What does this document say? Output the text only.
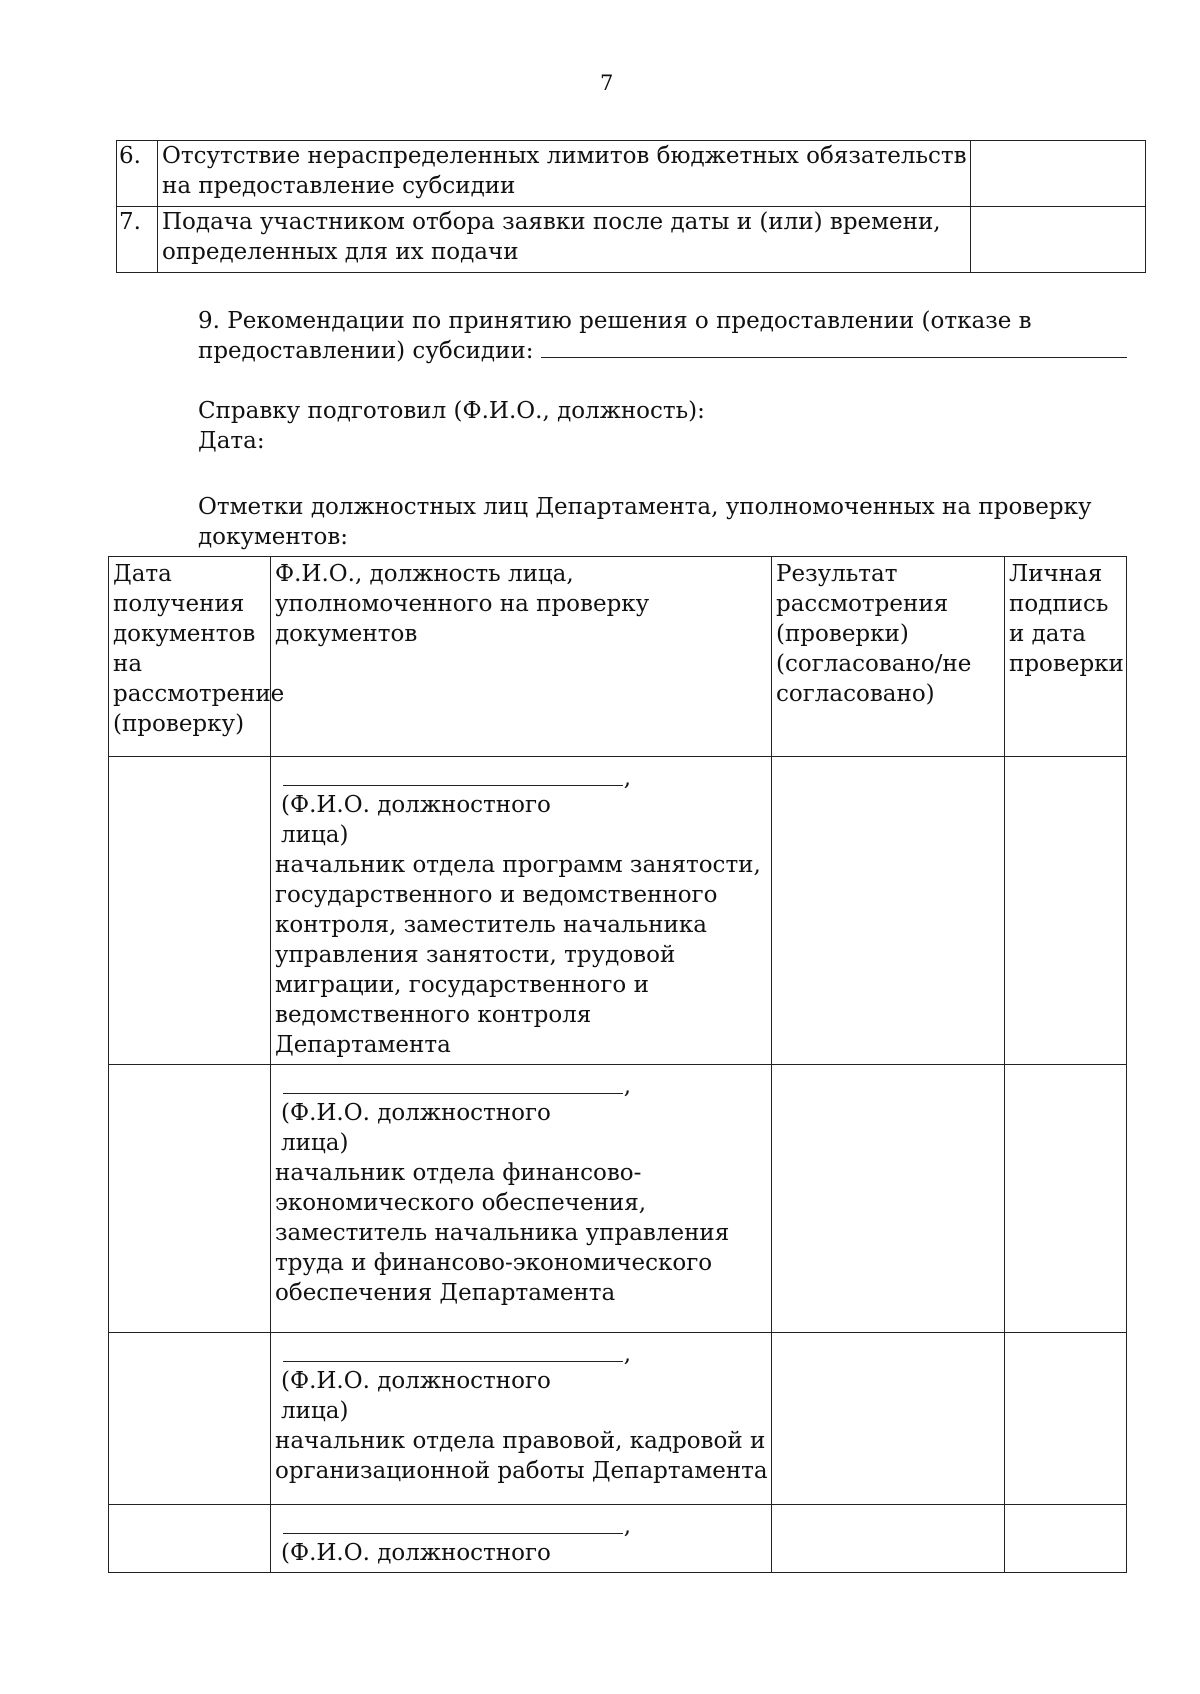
7
6.	Отсутствие нераспределенных лимитов бюджетных обязательств на предоставление субсидии	
7.	Подача участником отбора заявки после даты и (или) времени, определенных для их подачи	
9. Рекомендации по принятию решения о предоставлении (отказе в предоставлении) субсидии:
Справку подготовил (Ф.И.О., должность):
Дата:
Отметки должностных лиц Департамента, уполномоченных на проверку документов:
Дата получения документов на рассмотрение (проверку)	Ф.И.О., должность лица, уполномоченного на проверку документов	Результат рассмотрения (проверки) (согласовано/не согласовано)	Личная подпись и дата проверки

	,
(Ф.И.О. должностного лица)
начальник отдела программ занятости, государственного и ведомственного контроля, заместитель начальника управления занятости, трудовой миграции, государственного и ведомственного контроля Департамента		

	,
(Ф.И.О. должностного лица)
начальник отдела финансово-экономического обеспечения, заместитель начальника управления труда и финансово-экономического обеспечения Департамента		

	,
(Ф.И.О. должностного лица)
начальник отдела правовой, кадровой и организационной работы Департамента		

	,
(Ф.И.О. должностного		
